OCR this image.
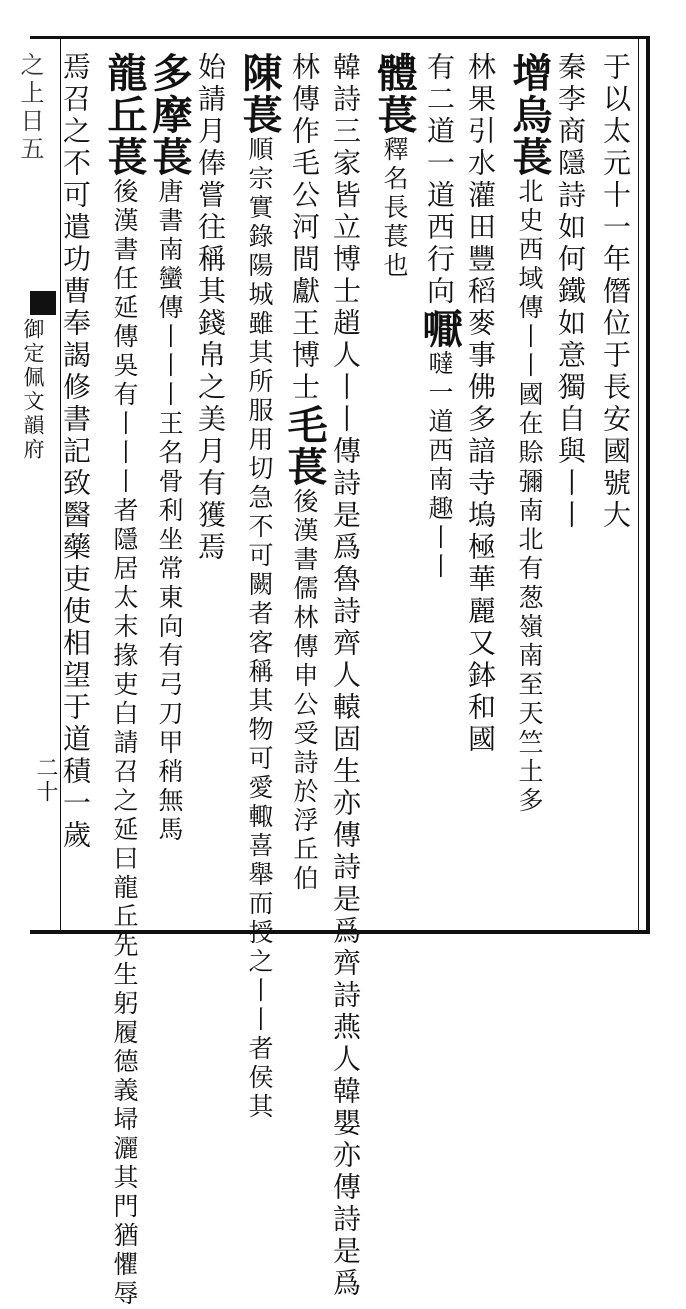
之上日五
御定佩文韻府
二十
于以太元十一年僭位于長安國號大
秦李商隱詩如何鐵如意獨自與丨丨
增烏萇北史西域傳丨丨國在賒彌南北有葱嶺南至天竺土多
林果引水灌田豐稻麥事佛多諳寺塢極華麗又鉢和國
有二道一道西行向嚈噠一道西南趣丨丨
體萇釋名長萇也
韓詩三家皆立博士趙人丨丨傳詩是爲魯詩齊人轅固生亦傳詩是爲齊詩燕人韓嬰亦傳詩是爲
林傳作毛公河間獻王博士毛萇後漢書儒林傳申公受詩於浮丘伯
陳萇順宗實錄陽城雖其所服用切急不可闕者客稱其物可愛輙喜舉而授之丨丨者侯其
始請月俸嘗往稱其錢帛之美月有獲焉
多摩萇唐書南蠻傳丨丨丨王名骨利坐常東向有弓刀甲稍無馬
龍丘萇後漢書任延傳吳有丨丨丨者隱居太末掾吏白請召之延曰龍丘先生躬履德義埽灑其門猶懼辱
焉召之不可遣功曹奉謁修書記致醫藥吏使相望于道積一歲
